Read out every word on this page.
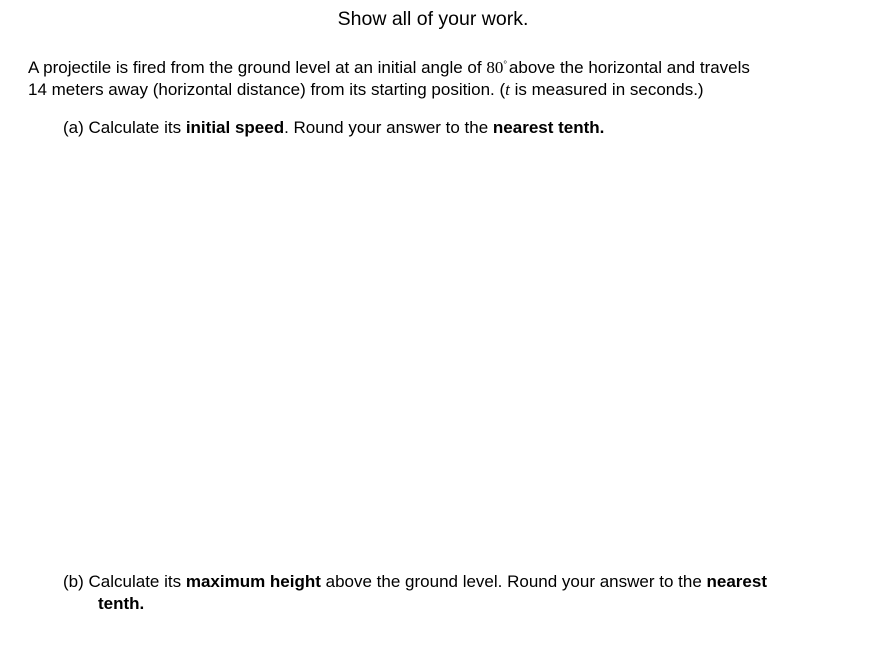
Show all of your work.
A projectile is fired from the ground level at an initial angle of 80° above the horizontal and travels
14 meters away (horizontal distance) from its starting position. (t is measured in seconds.)
(a) Calculate its initial speed. Round your answer to the nearest tenth.
(b) Calculate its maximum height above the ground level. Round your answer to the nearest
tenth.
